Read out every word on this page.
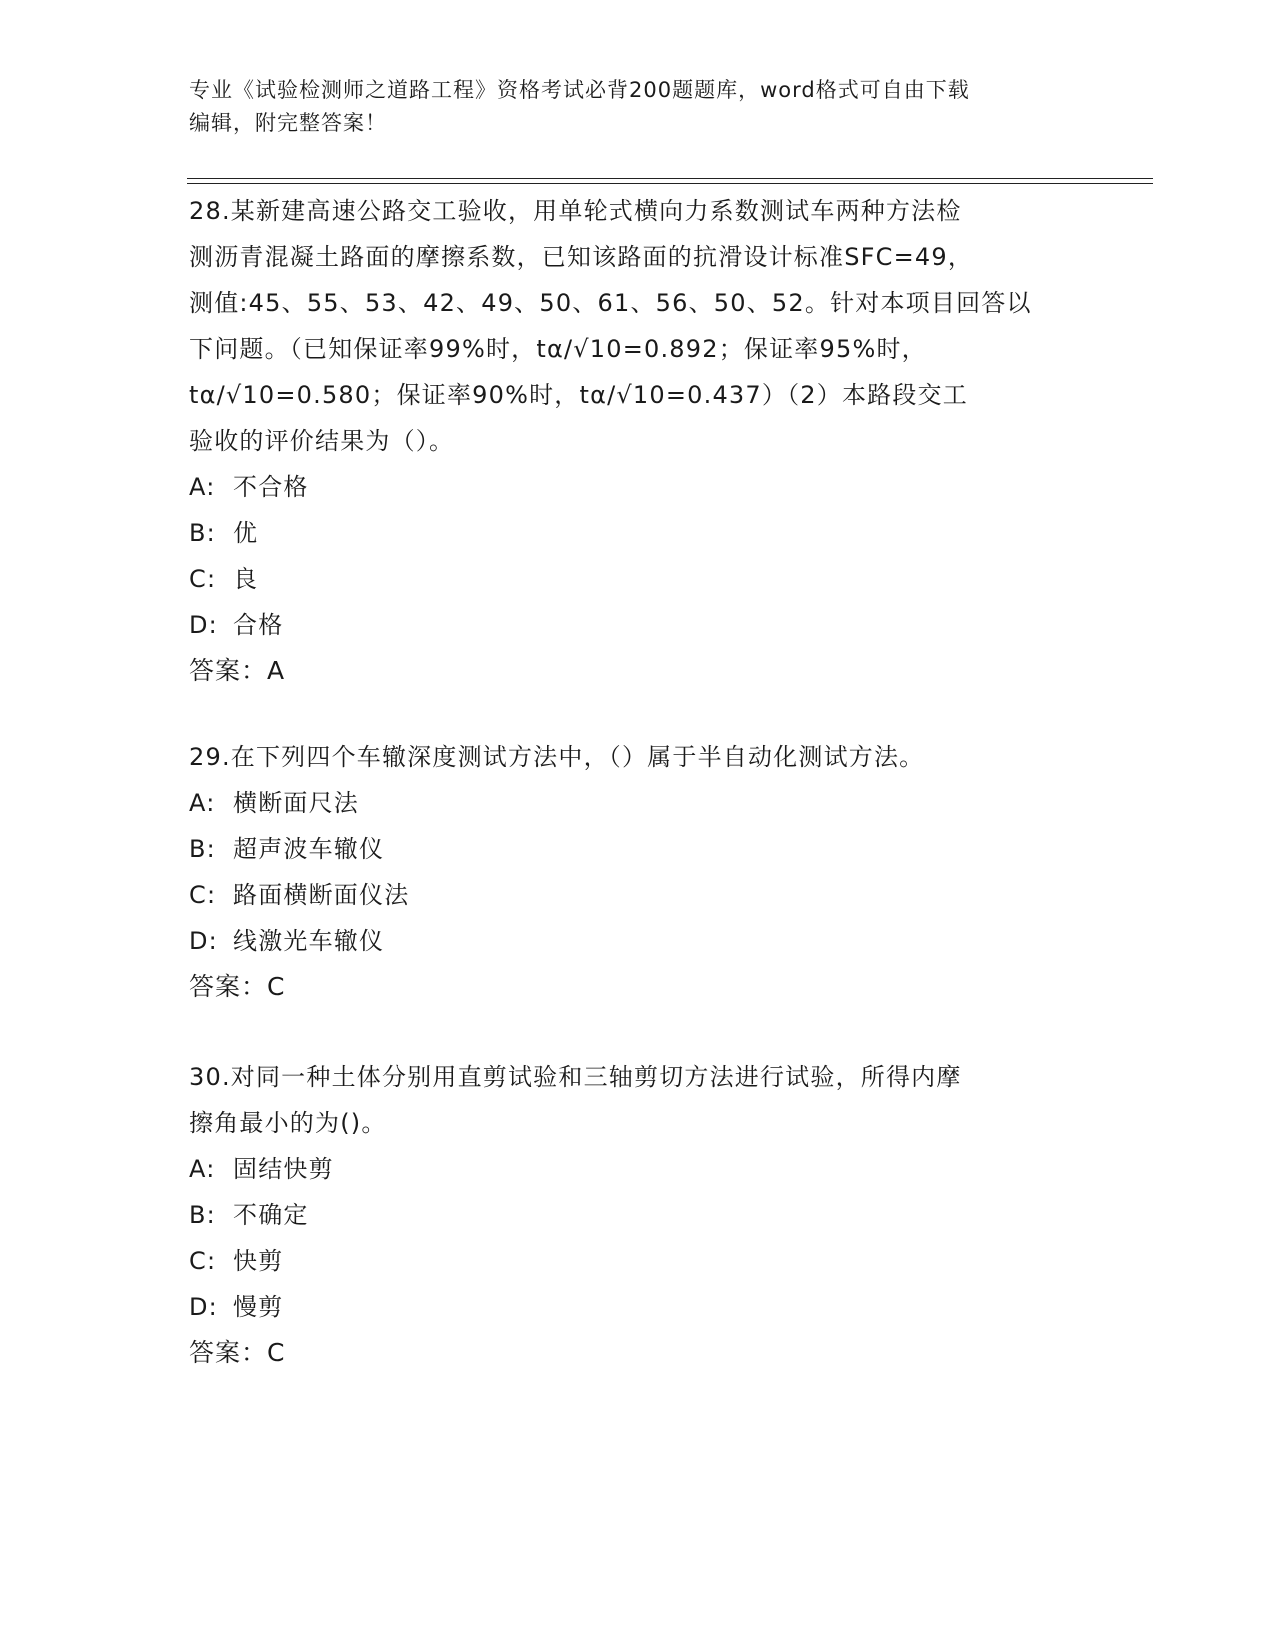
专业《试验检测师之道路工程》资格考试必背200题题库，word格式可自由下载
编辑，附完整答案！

28.某新建高速公路交工验收，用单轮式横向力系数测试车两种方法检

测沥青混凝土路面的摩擦系数，已知该路面的抗滑设计标准SFC=49，

测值:45、55、53、42、49、50、61、56、50、52。针对本项目回答以

下问题。（已知保证率99%时，tα/√10=0.892；保证率95%时，

tα/√10=0.580；保证率90%时，tα/√10=0.437）（2）本路段交工

验收的评价结果为（）。

A: 不合格

B: 优

C: 良

D: 合格

答案：A

29.在下列四个车辙深度测试方法中，（）属于半自动化测试方法。

A: 横断面尺法

B: 超声波车辙仪

C: 路面横断面仪法

D: 线激光车辙仪

答案：C

30.对同一种土体分别用直剪试验和三轴剪切方法进行试验，所得内摩

擦角最小的为()。

A: 固结快剪

B: 不确定

C: 快剪

D: 慢剪

答案：C
